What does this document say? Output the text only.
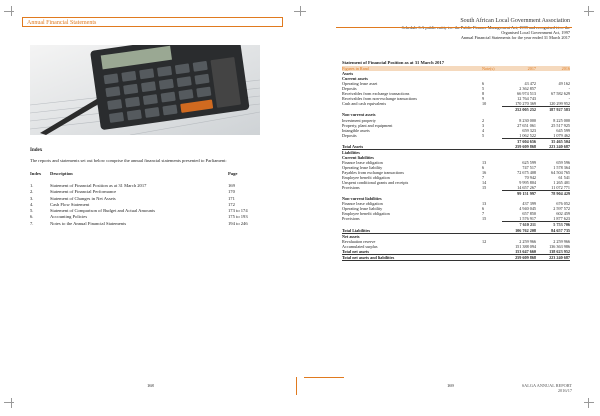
Annual Financial Statements
Index
The reports and statements set out below comprise the annual financial statements presented to Parliament:
Index	Description	Page
1.	Statement of Financial Position as at 31 March 2017	169
2.	Statement of Financial Performance	170
3.	Statement of Changes in Net Assets	171
4.	Cash Flow Statement	172
5.	Statement of Comparison of Budget and Actual Amounts	173 to 174
6.	Accounting Policies	175 to 193
7.	Notes to the Annual Financial Statements	194 to 246
168
South African Local Government Association
Schedule 3 A public entity t.o. the Public Finance Management Act, 1999 and recognised i.t.o. the
Organised Local Government Act, 1997
Annual Financial Statements for the year ended 31 March 2017
Statement of Financial Position as at 31 March 2017
Figures in Rand	Note(s)	2017	2016
Assets
Current assets
Operating lease asset	6	43 472	49 162
Deposits	5	2 362 857	-
Receivables from exchange transactions	8	66 974 513	67 582 629
Receivables from non-exchange transactions	9	12 764 743	-
Cash and cash equivalents	10	170 270 369	120 299 952
252 005 252	187 927 583
Non-current assets
Investment property	2	8 230 000	8 225 000
Property, plant and equipment	3	27 651 061	25 517 925
Intangible assets	4	659 323	645 599
Deposits	5	1 062 522	1 079 462
37 604 656	35 465 504
Total Assets	259 609 868	223 240 687
Liabilities
Current liabilities
Finance lease obligation	13	625 599	659 596
Operating lease liability	6	747 517	1 578 364
Payables from exchange transactions	16	72 675 408	64 504 765
Employee benefit obligation	7	70 942	61 541
Unspent conditional grants and receipts	14	9 995 804	1 265 401
Provisions	15	14 657 267	11 072 771
99 151 997	78 904 429
Non-current liabilities
Finance lease obligation	13	437 399	676 052
Operating lease liability	6	4 940 045	2 597 572
Employee benefit obligation	7	657 850	602 459
Provisions	15	1 576 917	1 877 623
7 610 211	5 753 706
Total Liabilities	106 762 208	84 657 735
Net assets
Revaluation reserve	12	2 259 966	2 259 966
Accumulated surplus	151 388 094	136 363 986
Total net assets	153 647 660	138 623 952
Total net assets and liabilities	259 609 868	223 240 687
169	SALGA ANNUAL REPORT
2016/17
